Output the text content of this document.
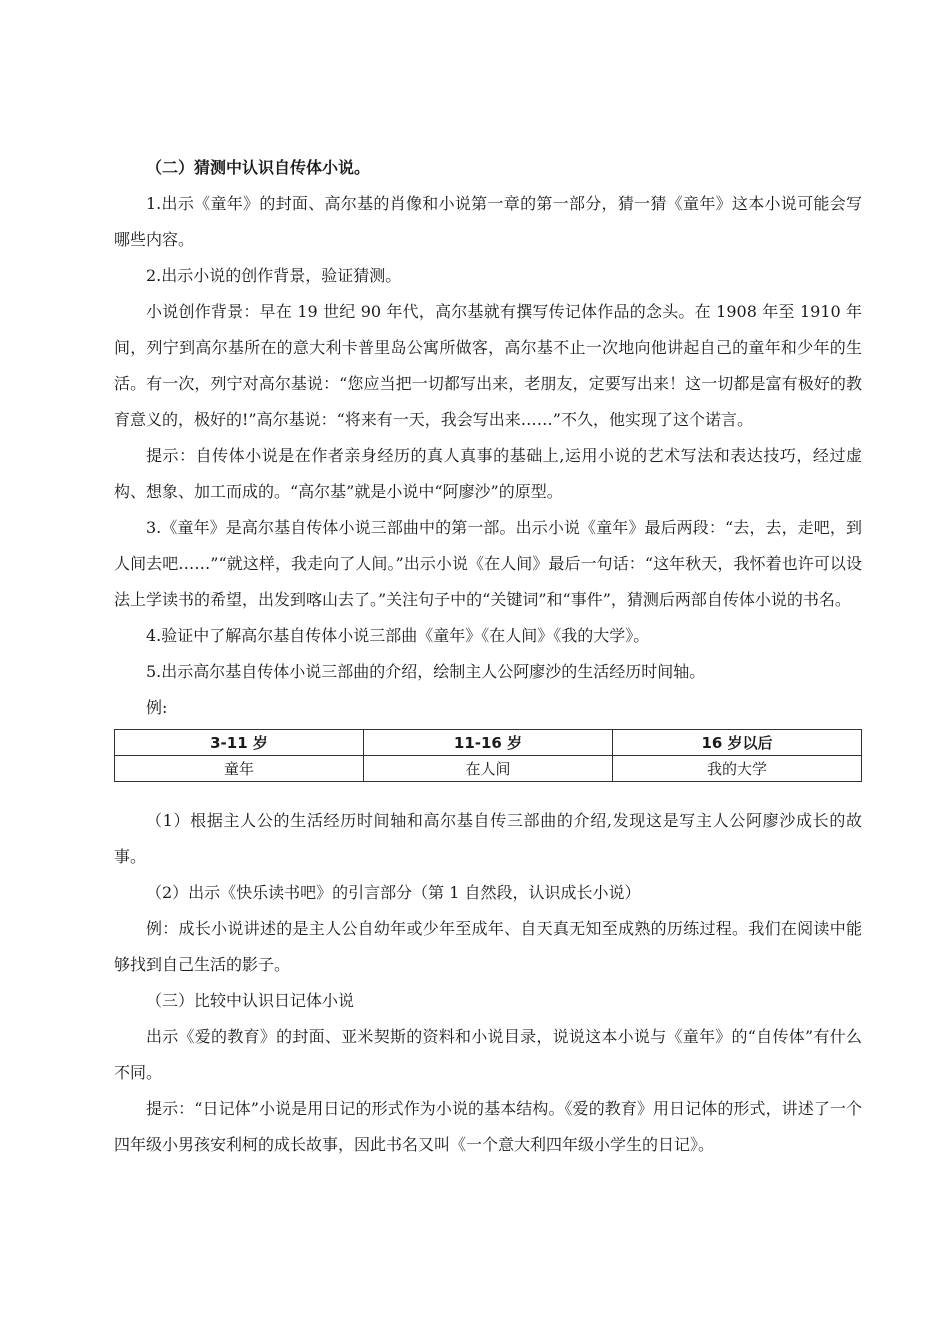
（二）猜测中认识自传体小说。

1.出示《童年》的封面、高尔基的肖像和小说第一章的第一部分，猜一猜《童年》这本小说可能会写哪些内容。

2.出示小说的创作背景，验证猜测。

小说创作背景：早在 19 世纪 90 年代，高尔基就有撰写传记体作品的念头。在 1908 年至 1910 年间，列宁到高尔基所在的意大利卡普里岛公寓所做客，高尔基不止一次地向他讲起自己的童年和少年的生活。有一次，列宁对高尔基说：“您应当把一切都写出来，老朋友，定要写出来！这一切都是富有极好的教育意义的，极好的!”高尔基说：“将来有一天，我会写出来……”不久，他实现了这个诺言。

提示：自传体小说是在作者亲身经历的真人真事的基础上,运用小说的艺术写法和表达技巧，经过虚构、想象、加工而成的。“高尔基”就是小说中“阿廖沙”的原型。

3.《童年》是高尔基自传体小说三部曲中的第一部。出示小说《童年》最后两段：“去，去，走吧，到人间去吧……”“就这样，我走向了人间。”出示小说《在人间》最后一句话：“这年秋天，我怀着也许可以设法上学读书的希望，出发到喀山去了。”关注句子中的“关键词”和“事件”，猜测后两部自传体小说的书名。

4.验证中了解高尔基自传体小说三部曲《童年》《在人间》《我的大学》。

5.出示高尔基自传体小说三部曲的介绍，绘制主人公阿廖沙的生活经历时间轴。

例:

3-11 岁	11-16 岁	16 岁以后
童年	在人间	我的大学

（1）根据主人公的生活经历时间轴和高尔基自传三部曲的介绍,发现这是写主人公阿廖沙成长的故事。

（2）出示《快乐读书吧》的引言部分（第 1 自然段，认识成长小说）

例：成长小说讲述的是主人公自幼年或少年至成年、自天真无知至成熟的历练过程。我们在阅读中能够找到自己生活的影子。

（三）比较中认识日记体小说

出示《爱的教育》的封面、亚米契斯的资料和小说目录，说说这本小说与《童年》的“自传体”有什么不同。

提示：“日记体”小说是用日记的形式作为小说的基本结构。《爱的教育》用日记体的形式，讲述了一个四年级小男孩安利柯的成长故事，因此书名又叫《一个意大利四年级小学生的日记》。
